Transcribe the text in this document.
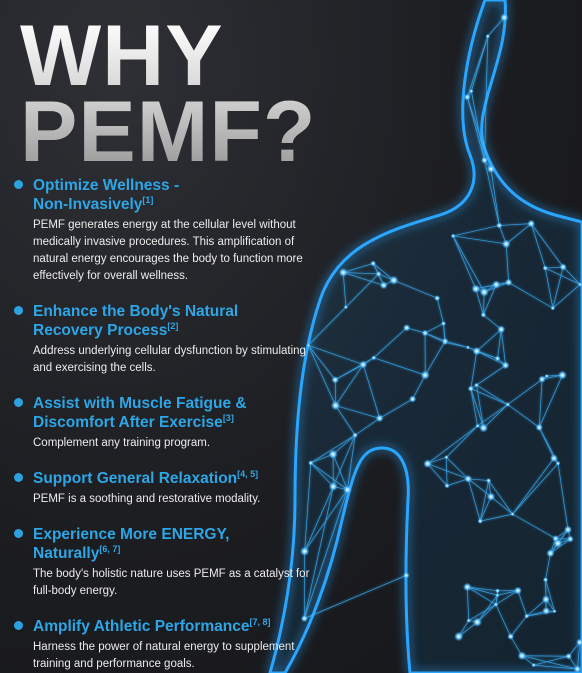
WHY
PEMF?

Optimize Wellness -
Non-Invasively[1]

PEMF generates energy at the cellular level without medically invasive procedures. This amplification of natural energy encourages the body to function more effectively for overall wellness.

Enhance the Body's Natural
Recovery Process[2]

Address underlying cellular dysfunction by stimulating and exercising the cells.

Assist with Muscle Fatigue &
Discomfort After Exercise[3]

Complement any training program.

Support General Relaxation[4, 5]

PEMF is a soothing and restorative modality.

Experience More ENERGY,
Naturally[6, 7]

The body's holistic nature uses PEMF as a catalyst for full-body energy.

Amplify Athletic Performance[7, 8]

Harness the power of natural energy to supplement training and performance goals.
